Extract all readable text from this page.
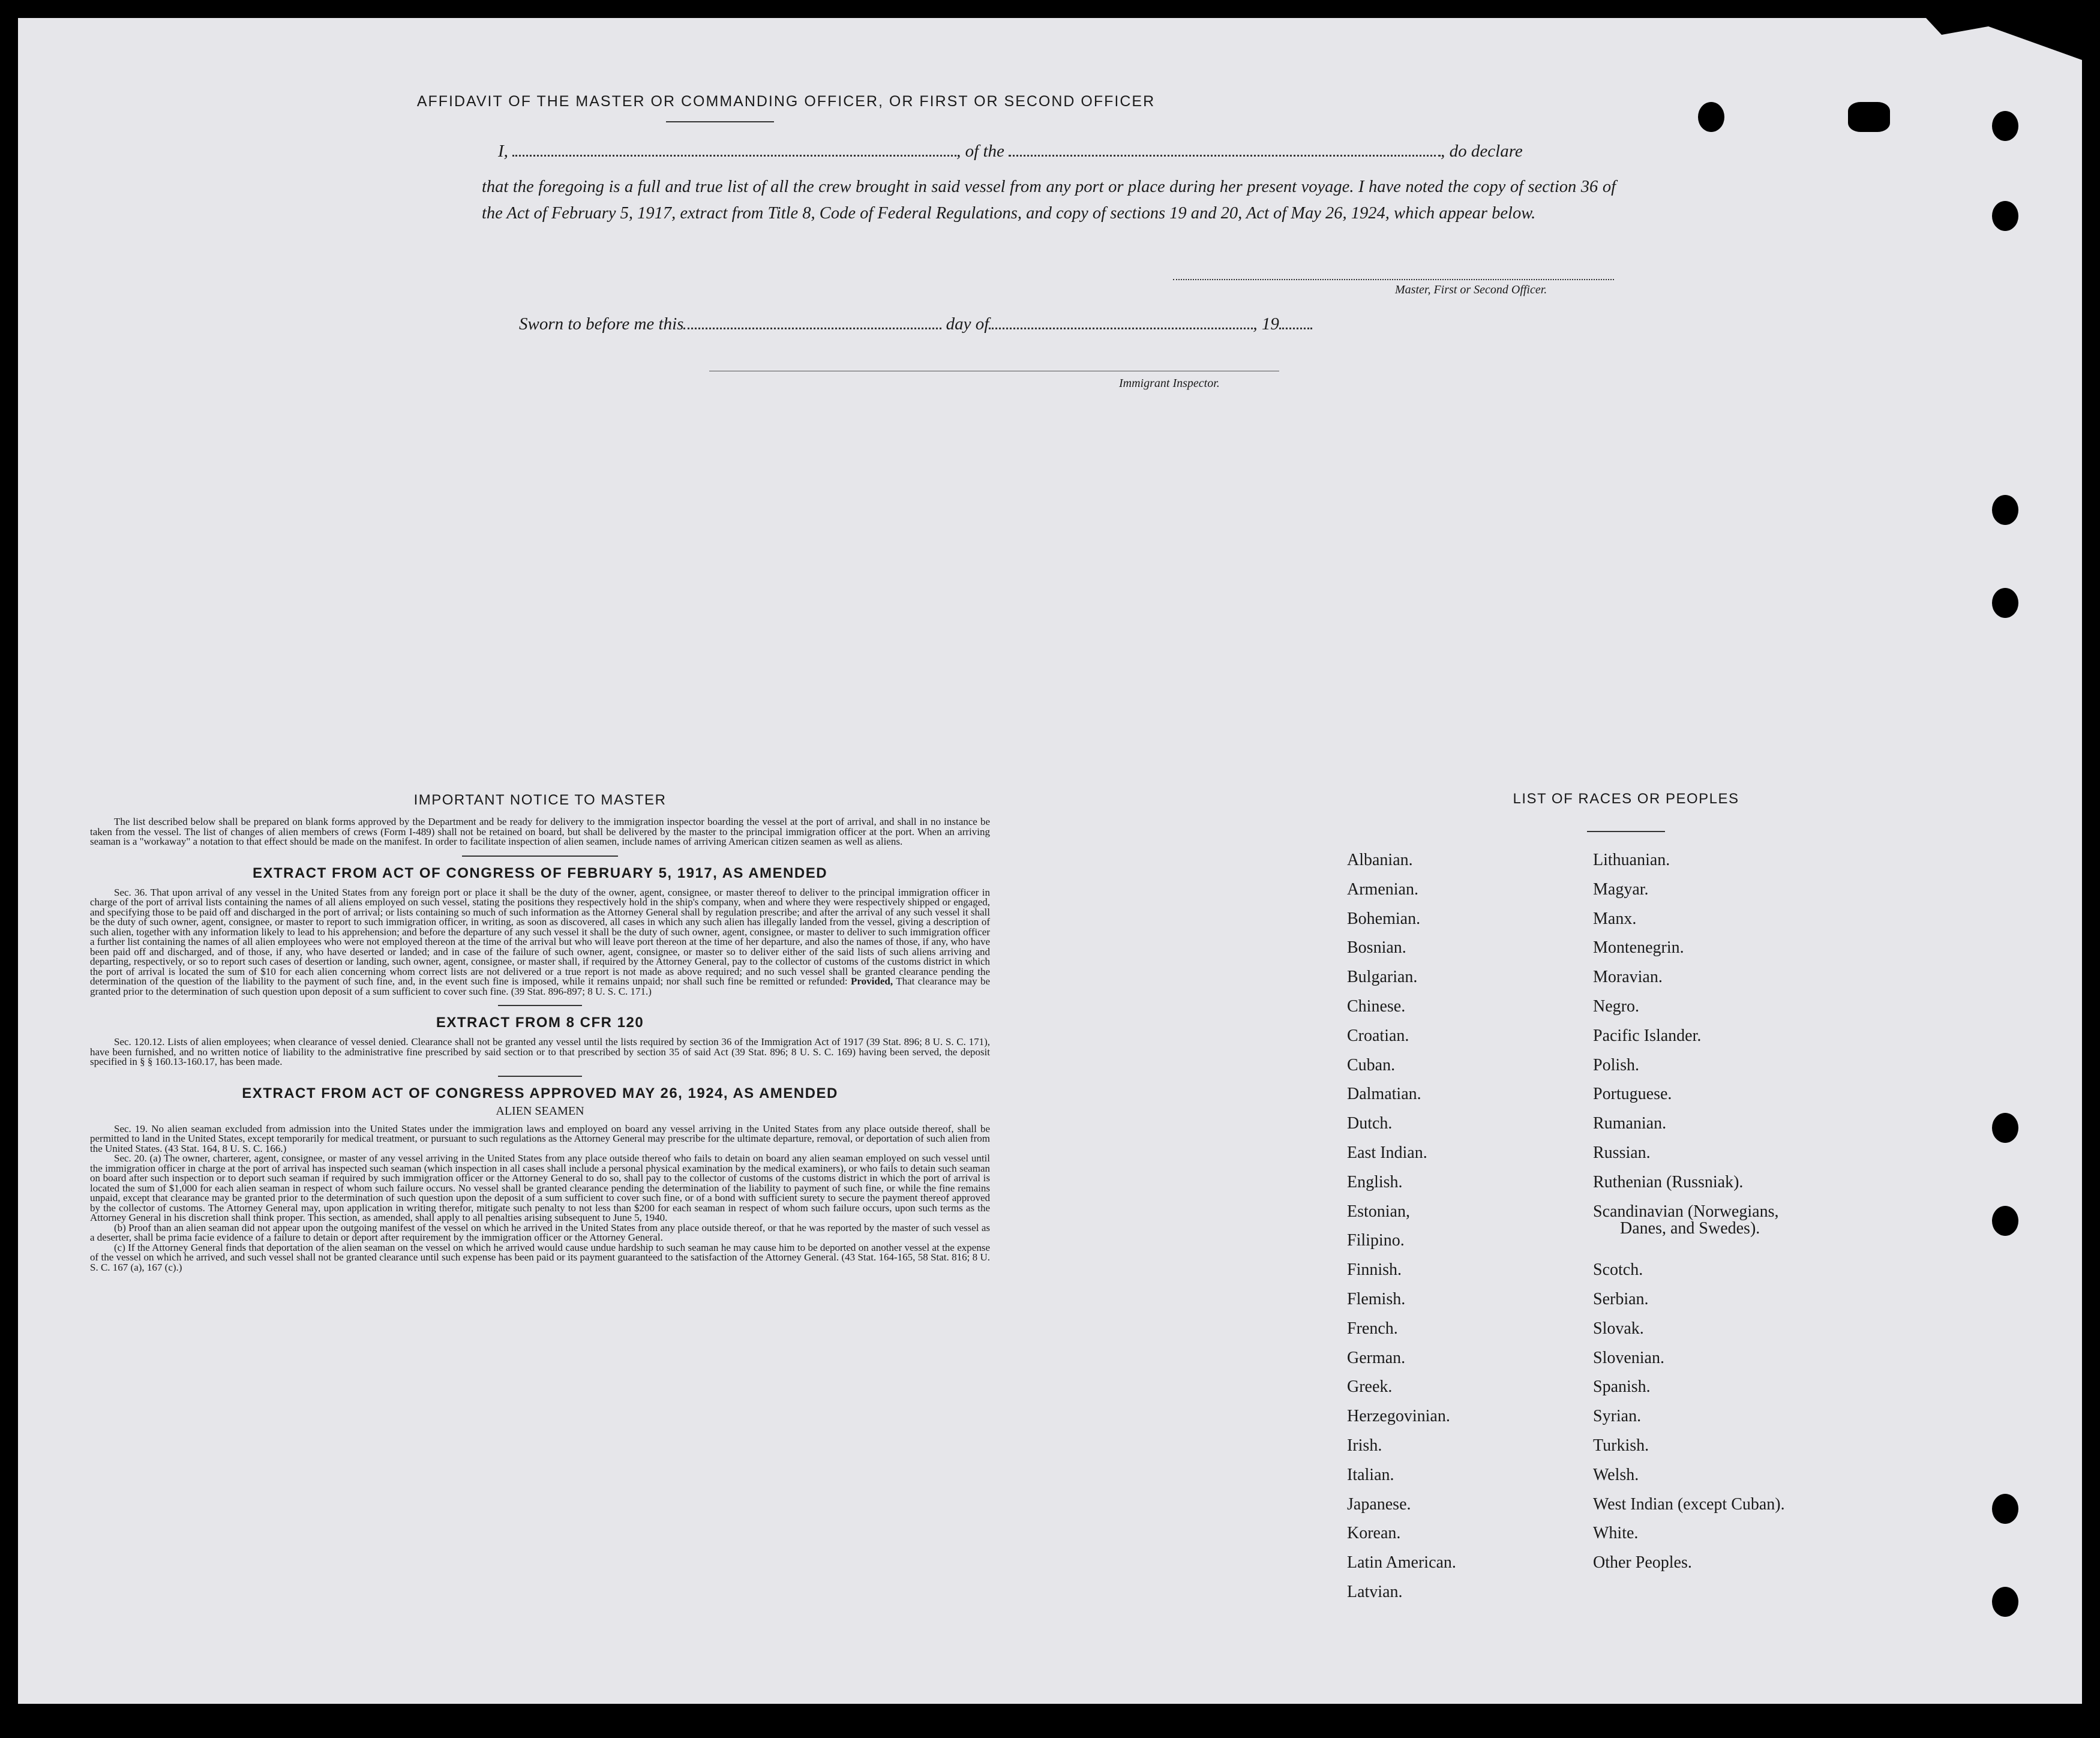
AFFIDAVIT OF THE MASTER OR COMMANDING OFFICER, OR FIRST OR SECOND OFFICER
I,	, of the	, do declare
that the foregoing is a full and true list of all the crew brought in said vessel from any port or place during her present voyage. I have noted the copy of section 36 of the Act of February 5, 1917, extract from Title 8, Code of Federal Regulations, and copy of sections 19 and 20, Act of May 26, 1924, which appear below.
Master, First or Second Officer.
Sworn to before me this	day of	, 19
Immigrant Inspector.
IMPORTANT NOTICE TO MASTER

The list described below shall be prepared on blank forms approved by the Department and be ready for delivery to the immigration inspector boarding the vessel at the port of arrival, and shall in no instance be taken from the vessel. The list of changes of alien members of crews (Form I-489) shall not be retained on board, but shall be delivered by the master to the principal immigration officer at the port. When an arriving seaman is a "workaway" a notation to that effect should be made on the manifest. In order to facilitate inspection of alien seamen, include names of arriving American citizen seamen as well as aliens.

EXTRACT FROM ACT OF CONGRESS OF FEBRUARY 5, 1917, AS AMENDED

Sec. 36. That upon arrival of any vessel in the United States from any foreign port or place it shall be the duty of the owner, agent, consignee, or master thereof to deliver to the principal immigration officer in charge of the port of arrival lists containing the names of all aliens employed on such vessel, stating the positions they respectively hold in the ship's company, when and where they were respectively shipped or engaged, and specifying those to be paid off and discharged in the port of arrival; or lists containing so much of such information as the Attorney General shall by regulation prescribe; and after the arrival of any such vessel it shall be the duty of such owner, agent, consignee, or master to report to such immigration officer, in writing, as soon as discovered, all cases in which any such alien has illegally landed from the vessel, giving a description of such alien, together with any information likely to lead to his apprehension; and before the departure of any such vessel it shall be the duty of such owner, agent, consignee, or master to deliver to such immigration officer a further list containing the names of all alien employees who were not employed thereon at the time of the arrival but who will leave port thereon at the time of her departure, and also the names of those, if any, who have been paid off and discharged, and of those, if any, who have deserted or landed; and in case of the failure of such owner, agent, consignee, or master so to deliver either of the said lists of such aliens arriving and departing, respectively, or so to report such cases of desertion or landing, such owner, agent, consignee, or master shall, if required by the Attorney General, pay to the collector of customs of the customs district in which the port of arrival is located the sum of $10 for each alien concerning whom correct lists are not delivered or a true report is not made as above required; and no such vessel shall be granted clearance pending the determination of the question of the liability to the payment of such fine, and, in the event such fine is imposed, while it remains unpaid; nor shall such fine be remitted or refunded: Provided, That clearance may be granted prior to the determination of such question upon deposit of a sum sufficient to cover such fine. (39 Stat. 896-897; 8 U. S. C. 171.)

EXTRACT FROM 8 CFR 120

Sec. 120.12. Lists of alien employees; when clearance of vessel denied. Clearance shall not be granted any vessel until the lists required by section 36 of the Immigration Act of 1917 (39 Stat. 896; 8 U. S. C. 171), have been furnished, and no written notice of liability to the administrative fine prescribed by said section or to that prescribed by section 35 of said Act (39 Stat. 896; 8 U. S. C. 169) having been served, the deposit specified in § § 160.13-160.17, has been made.

EXTRACT FROM ACT OF CONGRESS APPROVED MAY 26, 1924, AS AMENDED
ALIEN SEAMEN

Sec. 19. No alien seaman excluded from admission into the United States under the immigration laws and employed on board any vessel arriving in the United States from any place outside thereof, shall be permitted to land in the United States, except temporarily for medical treatment, or pursuant to such regulations as the Attorney General may prescribe for the ultimate departure, removal, or deportation of such alien from the United States. (43 Stat. 164, 8 U. S. C. 166.)

Sec. 20. (a) The owner, charterer, agent, consignee, or master of any vessel arriving in the United States from any place outside thereof who fails to detain on board any alien seaman employed on such vessel until the immigration officer in charge at the port of arrival has inspected such seaman (which inspection in all cases shall include a personal physical examination by the medical examiners), or who fails to detain such seaman on board after such inspection or to deport such seaman if required by such immigration officer or the Attorney General to do so, shall pay to the collector of customs of the customs district in which the port of arrival is located the sum of $1,000 for each alien seaman in respect of whom such failure occurs. No vessel shall be granted clearance pending the determination of the liability to payment of such fine, or while the fine remains unpaid, except that clearance may be granted prior to the determination of such question upon the deposit of a sum sufficient to cover such fine, or of a bond with sufficient surety to secure the payment thereof approved by the collector of customs. The Attorney General may, upon application in writing therefor, mitigate such penalty to not less than $200 for each seaman in respect of whom such failure occurs, upon such terms as the Attorney General in his discretion shall think proper. This section, as amended, shall apply to all penalties arising subsequent to June 5, 1940.

(b) Proof than an alien seaman did not appear upon the outgoing manifest of the vessel on which he arrived in the United States from any place outside thereof, or that he was reported by the master of such vessel as a deserter, shall be prima facie evidence of a failure to detain or deport after requirement by the immigration officer or the Attorney General.

(c) If the Attorney General finds that deportation of the alien seaman on the vessel on which he arrived would cause undue hardship to such seaman he may cause him to be deported on another vessel at the expense of the vessel on which he arrived, and such vessel shall not be granted clearance until such expense has been paid or its payment guaranteed to the satisfaction of the Attorney General. (43 Stat. 164-165, 58 Stat. 816; 8 U. S. C. 167 (a), 167 (c).)

LIST OF RACES OR PEOPLES
Albanian.
Armenian.
Bohemian.
Bosnian.
Bulgarian.
Chinese.
Croatian.
Cuban.
Dalmatian.
Dutch.
East Indian.
English.
Estonian,
Filipino.
Finnish.
Flemish.
French.
German.
Greek.
Herzegovinian.
Irish.
Italian.
Japanese.
Korean.
Latin American.
Latvian.
Lithuanian.
Magyar.
Manx.
Montenegrin.
Moravian.
Negro.
Pacific Islander.
Polish.
Portuguese.
Rumanian.
Russian.
Ruthenian (Russniak).
Scandinavian (Norwegians,
Danes, and Swedes).
Scotch.
Serbian.
Slovak.
Slovenian.
Spanish.
Syrian.
Turkish.
Welsh.
West Indian (except Cuban).
White.
Other Peoples.
